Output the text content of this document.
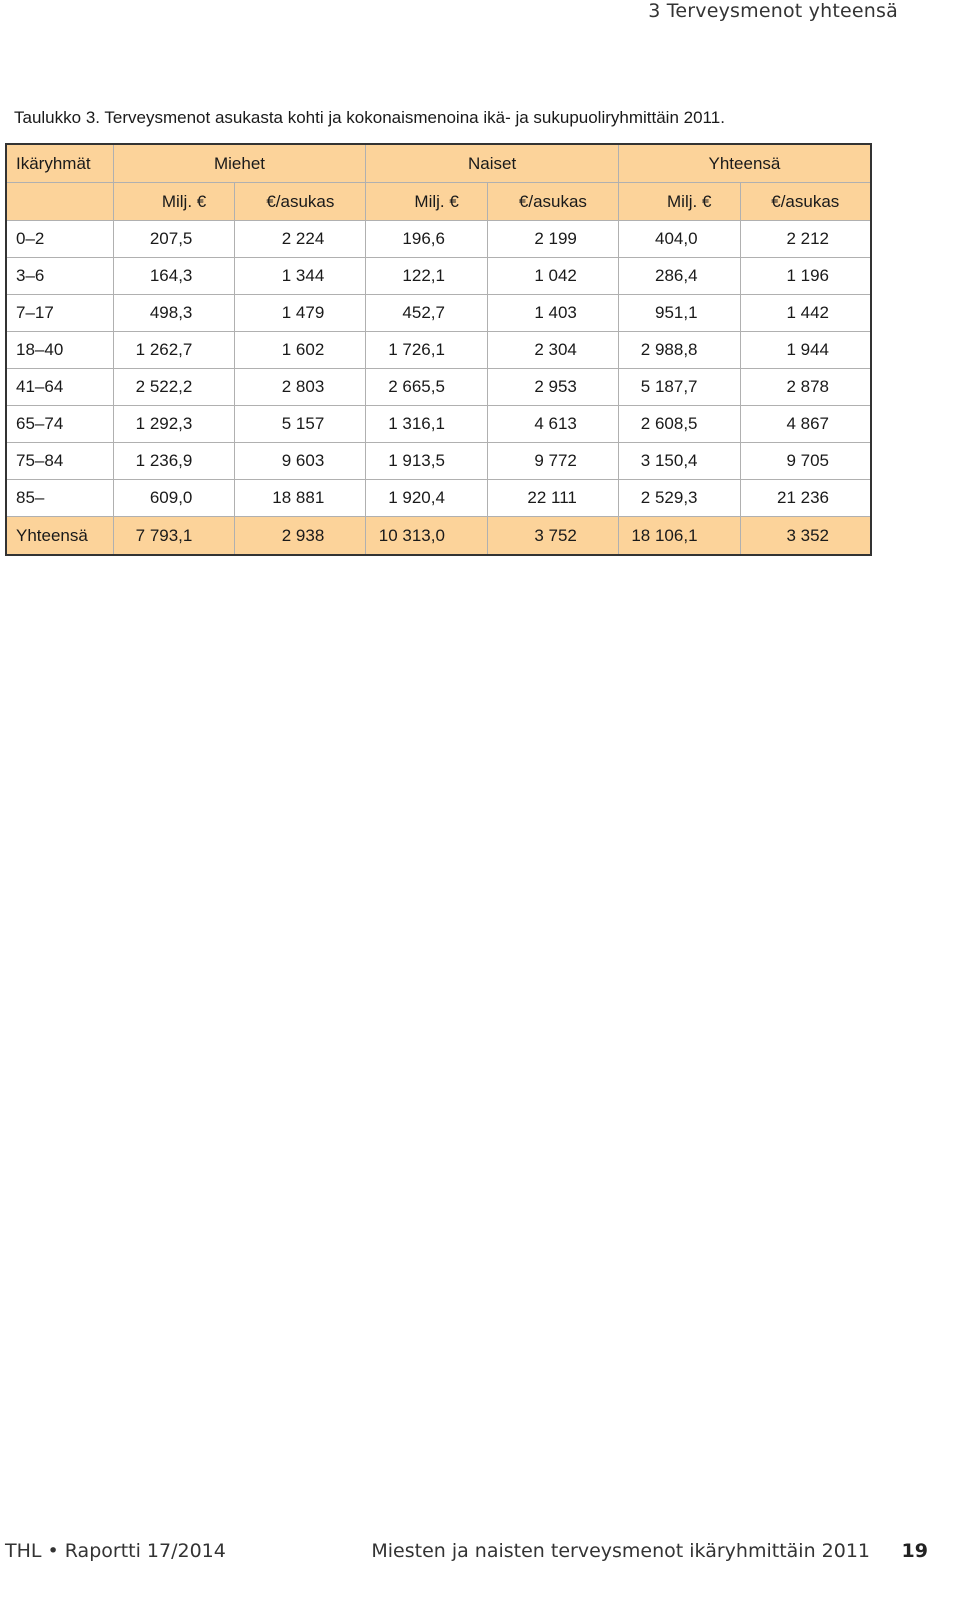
3 Terveysmenot yhteensä
Taulukko 3. Terveysmenot asukasta kohti ja kokonaismenoina ikä- ja sukupuoliryhmittäin 2011.
Ikäryhmät	Miehet		Naiset		Yhteensä	
	Milj. €	€/asukas	Milj. €	€/asukas	Milj. €	€/asukas
0–2	207,5	2 224	196,6	2 199	404,0	2 212
3–6	164,3	1 344	122,1	1 042	286,4	1 196
7–17	498,3	1 479	452,7	1 403	951,1	1 442
18–40	1 262,7	1 602	1 726,1	2 304	2 988,8	1 944
41–64	2 522,2	2 803	2 665,5	2 953	5 187,7	2 878
65–74	1 292,3	5 157	1 316,1	4 613	2 608,5	4 867
75–84	1 236,9	9 603	1 913,5	9 772	3 150,4	9 705
85–	609,0	18 881	1 920,4	22 111	2 529,3	21 236
Yhteensä	7 793,1	2 938	10 313,0	3 752	18 106,1	3 352
THL • Raportti 17/2014	Miesten ja naisten terveysmenot ikäryhmittäin 2011 19
